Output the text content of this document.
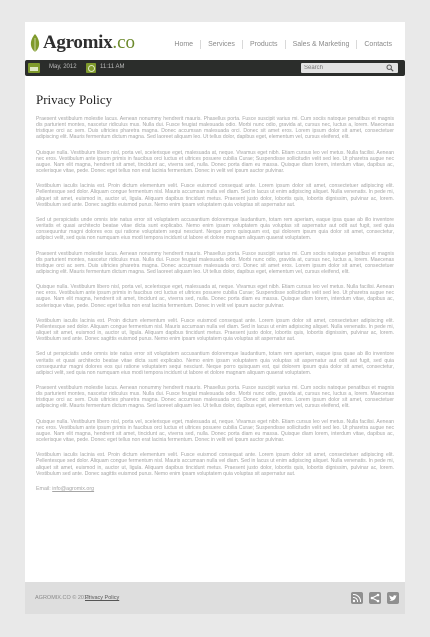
Agromix .co	Home	Services	Products	Sales & Marketing	Contacts
May, 2012	11:11 AM
Search
Privacy Policy

Praesent vestibulum molestie lacus. Aenean nonummy hendrerit mauris. Phasellus porta. Fusce suscipit varius mi. Cum sociis natoque penatibus et magnis dis parturient montes, nascetur ridiculus mus. Nulla dui. Fusce feugiat malesuada odio. Morbi nunc odio, gravida at, cursus nec, luctus a, lorem. Maecenas tristique orci ac sem. Duis ultricies pharetra magna. Donec accumsan malesuada orci. Donec sit amet eros. Lorem ipsum dolor sit amet, consectetuer adipiscing elit. Mauris fermentum dictum magna. Sed laoreet aliquam leo. Ut tellus dolor, dapibus eget, elementum vel, cursus eleifend, elit.

Quisque nulla. Vestibulum libero nisl, porta vel, scelerisque eget, malesuada at, neque. Vivamus eget nibh. Etiam cursus leo vel metus. Nulla facilisi. Aenean nec eros. Vestibulum ante ipsum primis in faucibus orci luctus et ultrices posuere cubilia Curae; Suspendisse sollicitudin velit sed leo. Ut pharetra augue nec augue. Nam elit magna, hendrerit sit amet, tincidunt ac, viverra sed, nulla. Donec porta diam eu massa. Quisque diam lorem, interdum vitae, dapibus ac, scelerisque vitae, pede. Donec eget tellus non erat lacinia fermentum. Donec in velit vel ipsum auctor pulvinar.

Vestibulum iaculis lacinia est. Proin dictum elementum velit. Fusce euismod consequat ante. Lorem ipsum dolor sit amet, consectetuer adipiscing elit. Pellentesque sed dolor. Aliquam congue fermentum nisl. Mauris accumsan nulla vel diam. Sed in lacus ut enim adipiscing aliquet. Nulla venenatis. In pede mi, aliquet sit amet, euismod in, auctor ut, ligula. Aliquam dapibus tincidunt metus. Praesent justo dolor, lobortis quis, lobortis dignissim, pulvinar ac, lorem. Vestibulum sed ante. Donec sagittis euismod purus. Nemo enim ipsam voluptatem quia voluptas sit aspernatur aut.

Sed ut perspiciatis unde omnis iste natus error sit voluptatem accusantium doloremque laudantium, totam rem aperiam, eaque ipsa quae ab illo inventore veritatis et quasi architecto beatae vitae dicta sunt explicabo. Nemo enim ipsam voluptatem quia voluptas sit aspernatur aut odit aut fugit, sed quia consequuntur magni dolores eos qui ratione voluptatem sequi nesciunt. Neque porro quisquam est, qui dolorem ipsum quia dolor sit amet, consectetur, adipisci velit, sed quia non numquam eius modi tempora incidunt ut labore et dolore magnam aliquam quaerat voluptatem.

Praesent vestibulum molestie lacus. Aenean nonummy hendrerit mauris. Phasellus porta. Fusce suscipit varius mi. Cum sociis natoque penatibus et magnis dis parturient montes, nascetur ridiculus mus. Nulla dui. Fusce feugiat malesuada odio. Morbi nunc odio, gravida at, cursus nec, luctus a, lorem. Maecenas tristique orci ac sem. Duis ultricies pharetra magna. Donec accumsan malesuada orci. Donec sit amet eros. Lorem ipsum dolor sit amet, consectetuer adipiscing elit. Mauris fermentum dictum magna. Sed laoreet aliquam leo. Ut tellus dolor, dapibus eget, elementum vel, cursus eleifend, elit.

Quisque nulla. Vestibulum libero nisl, porta vel, scelerisque eget, malesuada at, neque. Vivamus eget nibh. Etiam cursus leo vel metus. Nulla facilisi. Aenean nec eros. Vestibulum ante ipsum primis in faucibus orci luctus et ultrices posuere cubilia Curae; Suspendisse sollicitudin velit sed leo. Ut pharetra augue nec augue. Nam elit magna, hendrerit sit amet, tincidunt ac, viverra sed, nulla. Donec porta diam eu massa. Quisque diam lorem, interdum vitae, dapibus ac, scelerisque vitae, pede. Donec eget tellus non erat lacinia fermentum. Donec in velit vel ipsum auctor pulvinar.

Vestibulum iaculis lacinia est. Proin dictum elementum velit. Fusce euismod consequat ante. Lorem ipsum dolor sit amet, consectetuer adipiscing elit. Pellentesque sed dolor. Aliquam congue fermentum nisl. Mauris accumsan nulla vel diam. Sed in lacus ut enim adipiscing aliquet. Nulla venenatis. In pede mi, aliquet sit amet, euismod in, auctor ut, ligula. Aliquam dapibus tincidunt metus. Praesent justo dolor, lobortis quis, lobortis dignissim, pulvinar ac, lorem. Vestibulum sed ante. Donec sagittis euismod purus. Nemo enim ipsam voluptatem quia voluptas sit aspernatur aut.

Sed ut perspiciatis unde omnis iste natus error sit voluptatem accusantium doloremque laudantium, totam rem aperiam, eaque ipsa quae ab illo inventore veritatis et quasi architecto beatae vitae dicta sunt explicabo. Nemo enim ipsam voluptatem quia voluptas sit aspernatur aut odit aut fugit, sed quia consequuntur magni dolores eos qui ratione voluptatem sequi nesciunt. Neque porro quisquam est, qui dolorem ipsum quia dolor sit amet, consectetur, adipisci velit, sed quia non numquam eius modi tempora incidunt ut labore et dolore magnam aliquam quaerat voluptatem.

Praesent vestibulum molestie lacus. Aenean nonummy hendrerit mauris. Phasellus porta. Fusce suscipit varius mi. Cum sociis natoque penatibus et magnis dis parturient montes, nascetur ridiculus mus. Nulla dui. Fusce feugiat malesuada odio. Morbi nunc odio, gravida at, cursus nec, luctus a, lorem. Maecenas tristique orci ac sem. Duis ultricies pharetra magna. Donec accumsan malesuada orci. Donec sit amet eros. Lorem ipsum dolor sit amet, consectetuer adipiscing elit. Mauris fermentum dictum magna. Sed laoreet aliquam leo. Ut tellus dolor, dapibus eget, elementum vel, cursus eleifend, elit.

Quisque nulla. Vestibulum libero nisl, porta vel, scelerisque eget, malesuada at, neque. Vivamus eget nibh. Etiam cursus leo vel metus. Nulla facilisi. Aenean nec eros. Vestibulum ante ipsum primis in faucibus orci luctus et ultrices posuere cubilia Curae; Suspendisse sollicitudin velit sed leo. Ut pharetra augue nec augue. Nam elit magna, hendrerit sit amet, tincidunt ac, viverra sed, nulla. Donec porta diam eu massa. Quisque diam lorem, interdum vitae, dapibus ac, scelerisque vitae, pede. Donec eget tellus non erat lacinia fermentum. Donec in velit vel ipsum auctor pulvinar.

Vestibulum iaculis lacinia est. Proin dictum elementum velit. Fusce euismod consequat ante. Lorem ipsum dolor sit amet, consectetuer adipiscing elit. Pellentesque sed dolor. Aliquam congue fermentum nisl. Mauris accumsan nulla vel diam. Sed in lacus ut enim adipiscing aliquet. Nulla venenatis. In pede mi, aliquet sit amet, euismod in, auctor ut, ligula. Aliquam dapibus tincidunt metus. Praesent justo dolor, lobortis quis, lobortis dignissim, pulvinar ac, lorem. Vestibulum sed ante. Donec sagittis euismod purus. Nemo enim ipsam voluptatem quia voluptas sit aspernatur aut.

Email: info@agromix.org
AGROMIX.CO © 2012
Privacy Policy
